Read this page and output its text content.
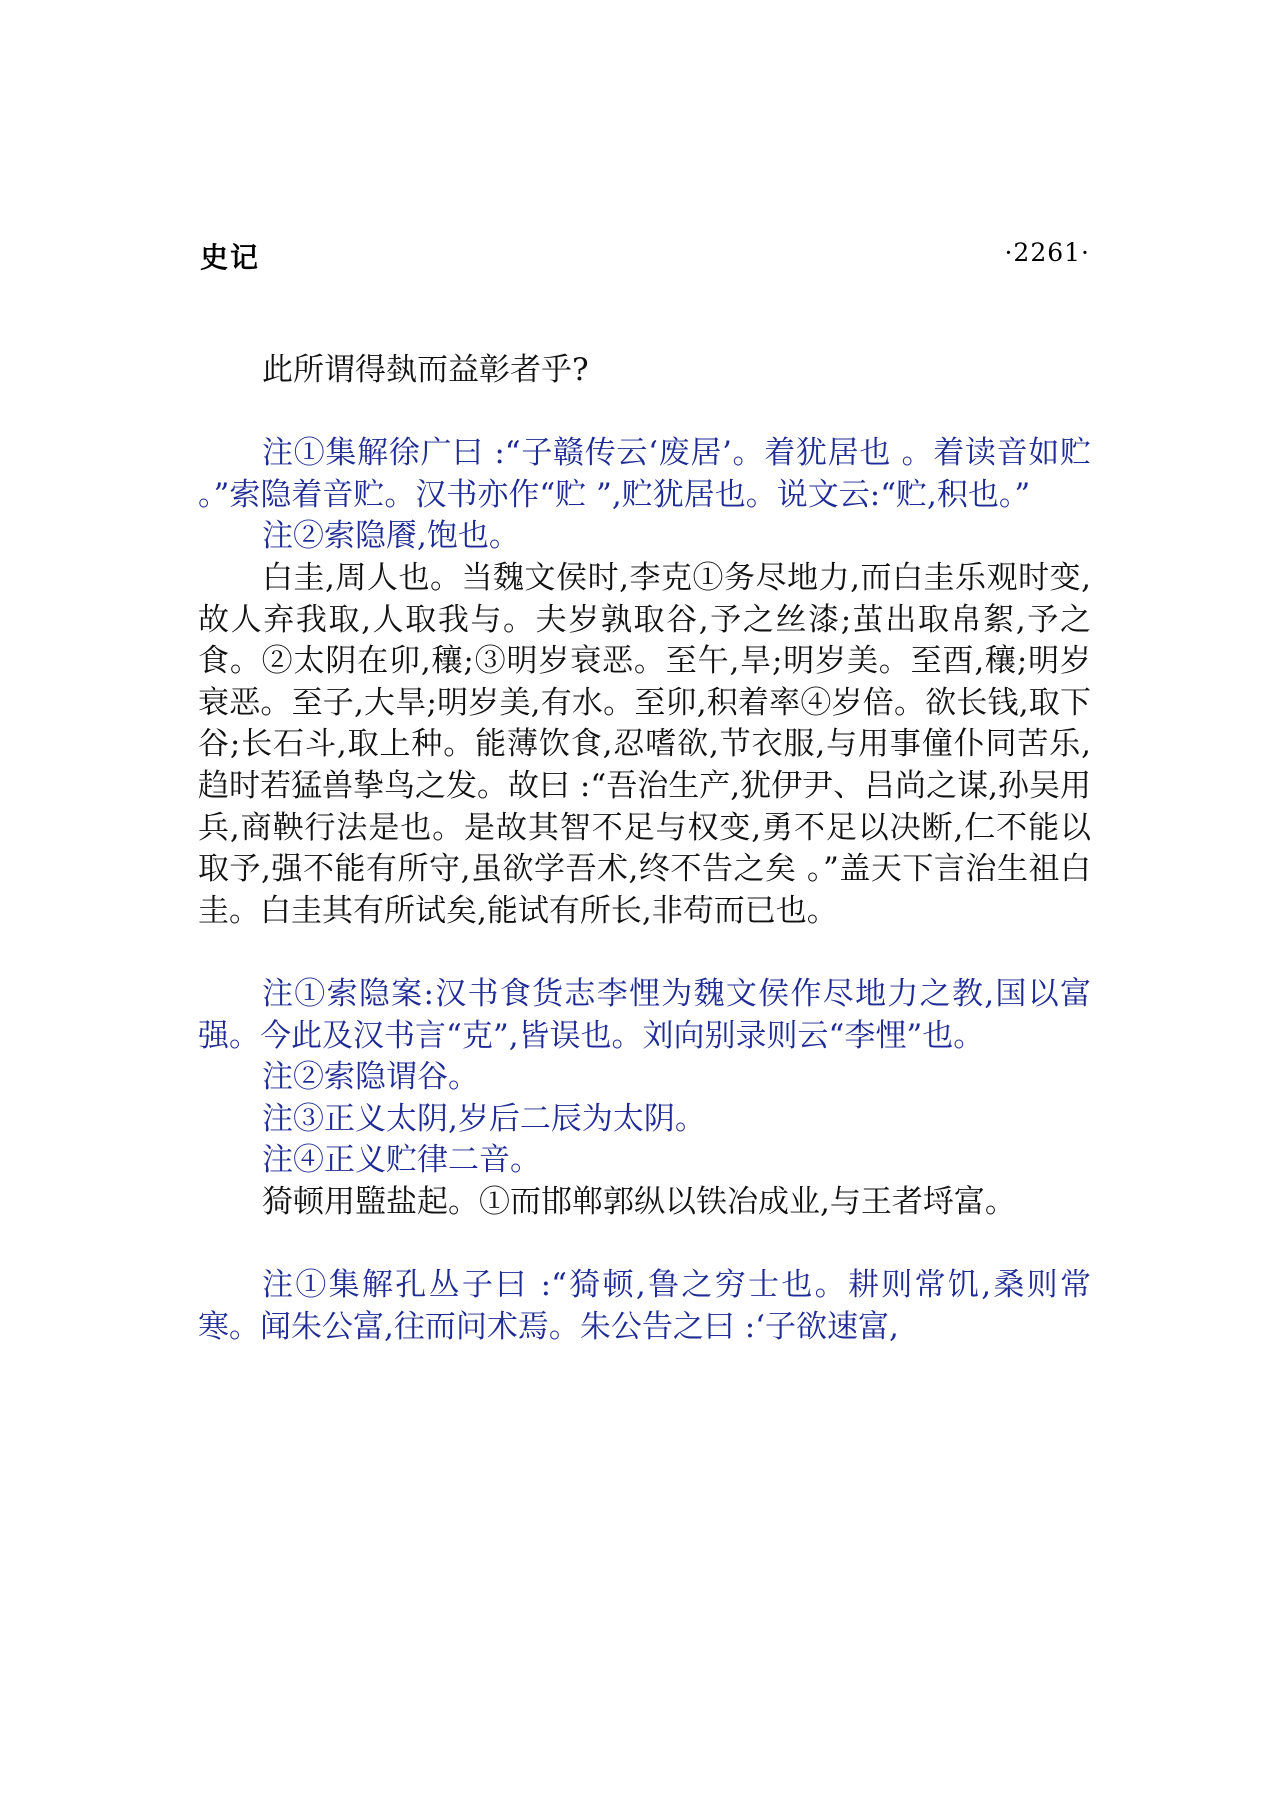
史记	·2261·

此所谓得埶而益彰者乎?

注①集解徐广曰 :“子赣传云‘废居’。着犹居也 。着读音如贮 。”索隐着音贮。汉书亦作“贮 ”,贮犹居也。说文云:“贮,积也。”

注②索隐餍,饱也。

白圭,周人也。当魏文侯时,李克①务尽地力,而白圭乐观时变,故人弃我取,人取我与。夫岁孰取谷,予之丝漆;茧出取帛絮,予之食。②太阴在卯,穰;③明岁衰恶。至午,旱;明岁美。至酉,穰;明岁衰恶。至子,大旱;明岁美,有水。至卯,积着率④岁倍。欲长钱,取下谷;长石斗,取上种。能薄饮食,忍嗜欲,节衣服,与用事僮仆同苦乐,趋时若猛兽挚鸟之发。故曰 :“吾治生产,犹伊尹、吕尚之谋,孙吴用兵,商鞅行法是也。是故其智不足与权变,勇不足以决断,仁不能以取予,强不能有所守,虽欲学吾术,终不告之矣 。”盖天下言治生祖白圭。白圭其有所试矣,能试有所长,非苟而已也。

注①索隐案:汉书食货志李悝为魏文侯作尽地力之教,国以富强。今此及汉书言“克”,皆误也。刘向别录则云“李悝”也。

注②索隐谓谷。

注③正义太阴,岁后二辰为太阴。

注④正义贮律二音。

猗顿用盬盐起。①而邯郸郭纵以铁冶成业,与王者埒富。

注①集解孔丛子曰 :“猗顿,鲁之穷士也。耕则常饥,桑则常寒。闻朱公富,往而问术焉。朱公告之曰 :‘子欲速富,
